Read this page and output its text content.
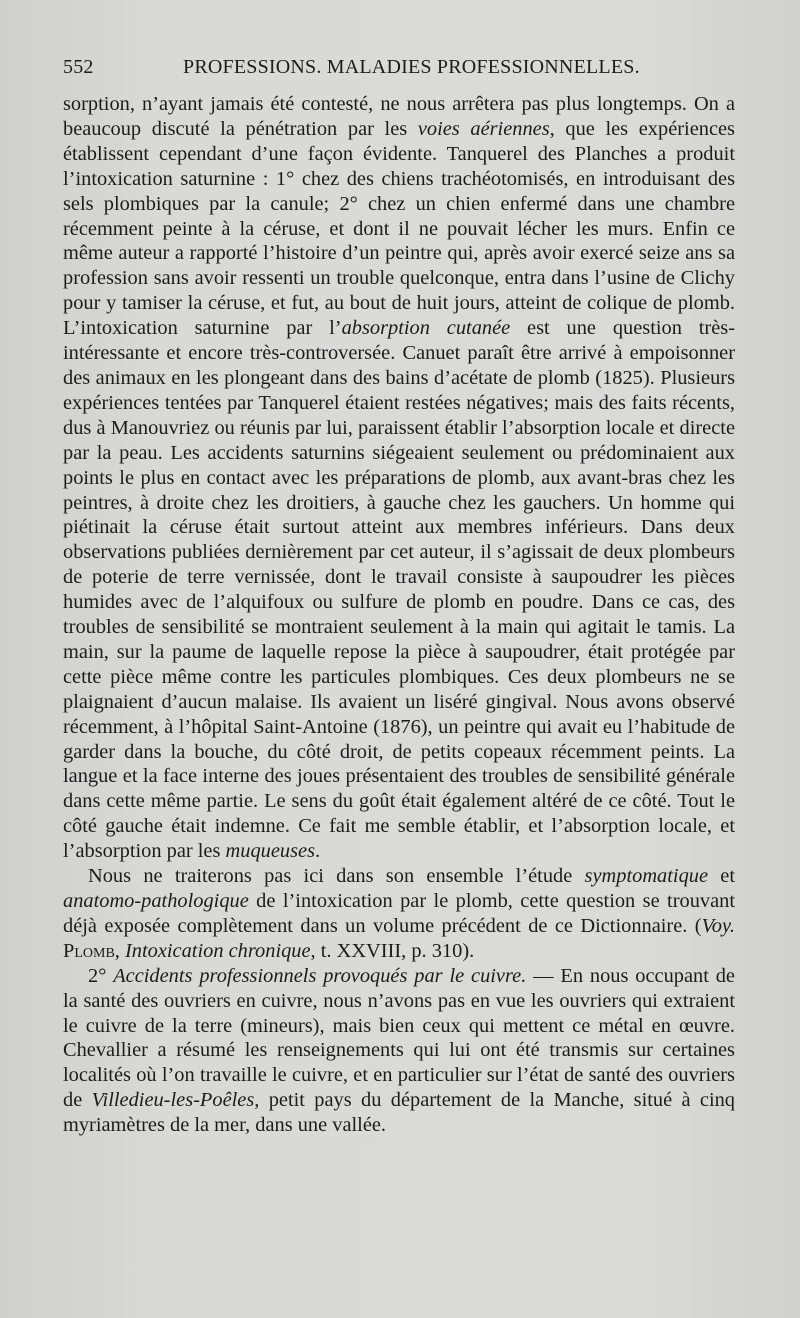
552	PROFESSIONS. MALADIES PROFESSIONNELLES.

sorption, n’ayant jamais été contesté, ne nous arrêtera pas plus longtemps. On a beaucoup discuté la pénétration par les voies aériennes, que les expériences établissent cependant d’une façon évidente. Tanquerel des Planches a produit l’intoxication saturnine : 1° chez des chiens trachéotomisés, en introduisant des sels plombiques par la canule; 2° chez un chien enfermé dans une chambre récemment peinte à la céruse, et dont il ne pouvait lécher les murs. Enfin ce même auteur a rapporté l’histoire d’un peintre qui, après avoir exercé seize ans sa profession sans avoir ressenti un trouble quelconque, entra dans l’usine de Clichy pour y tamiser la céruse, et fut, au bout de huit jours, atteint de colique de plomb. L’intoxication saturnine par l’absorption cutanée est une question très-intéressante et encore très-controversée. Canuet paraît être arrivé à empoisonner des animaux en les plongeant dans des bains d’acétate de plomb (1825). Plusieurs expériences tentées par Tanquerel étaient restées négatives; mais des faits récents, dus à Manouvriez ou réunis par lui, paraissent établir l’absorption locale et directe par la peau. Les accidents saturnins siégeaient seulement ou prédominaient aux points le plus en contact avec les préparations de plomb, aux avant-bras chez les peintres, à droite chez les droitiers, à gauche chez les gauchers. Un homme qui piétinait la céruse était surtout atteint aux membres inférieurs. Dans deux observations publiées dernièrement par cet auteur, il s’agissait de deux plombeurs de poterie de terre vernissée, dont le travail consiste à saupoudrer les pièces humides avec de l’alquifoux ou sulfure de plomb en poudre. Dans ce cas, des troubles de sensibilité se montraient seulement à la main qui agitait le tamis. La main, sur la paume de laquelle repose la pièce à saupoudrer, était protégée par cette pièce même contre les particules plombiques. Ces deux plombeurs ne se plaignaient d’aucun malaise. Ils avaient un liséré gingival. Nous avons observé récemment, à l’hôpital Saint-Antoine (1876), un peintre qui avait eu l’habitude de garder dans la bouche, du côté droit, de petits copeaux récemment peints. La langue et la face interne des joues présentaient des troubles de sensibilité générale dans cette même partie. Le sens du goût était également altéré de ce côté. Tout le côté gauche était indemne. Ce fait me semble établir, et l’absorption locale, et l’absorption par les muqueuses.

Nous ne traiterons pas ici dans son ensemble l’étude symptomatique et anatomo-pathologique de l’intoxication par le plomb, cette question se trouvant déjà exposée complètement dans un volume précédent de ce Dictionnaire. (Voy. Plomb, Intoxication chronique, t. XXVIII, p. 310).

2° Accidents professionnels provoqués par le cuivre. — En nous occupant de la santé des ouvriers en cuivre, nous n’avons pas en vue les ouvriers qui extraient le cuivre de la terre (mineurs), mais bien ceux qui mettent ce métal en œuvre. Chevallier a résumé les renseignements qui lui ont été transmis sur certaines localités où l’on travaille le cuivre, et en particulier sur l’état de santé des ouvriers de Villedieu-les-Poêles, petit pays du département de la Manche, situé à cinq myriamètres de la mer, dans une vallée.
